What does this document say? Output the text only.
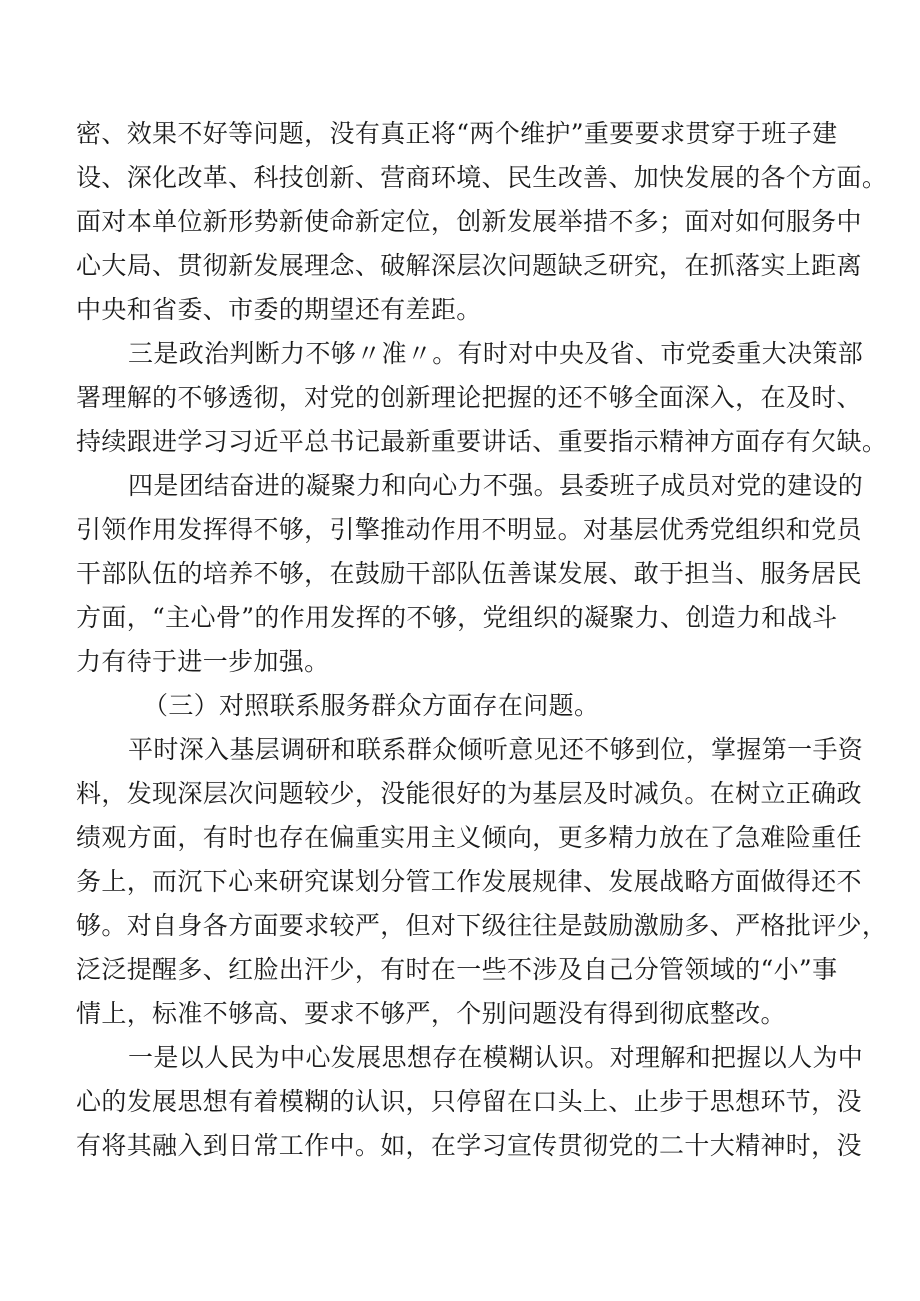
密、效果不好等问题，没有真正将“两个维护”重要要求贯穿于班子建
设、深化改革、科技创新、营商环境、民生改善、加快发展的各个方面。
面对本单位新形势新使命新定位，创新发展举措不多；面对如何服务中
心大局、贯彻新发展理念、破解深层次问题缺乏研究，在抓落实上距离
中央和省委、市委的期望还有差距。
三是政治判断力不够〃准〃。有时对中央及省、市党委重大决策部
署理解的不够透彻，对党的创新理论把握的还不够全面深入，在及时、
持续跟进学习习近平总书记最新重要讲话、重要指示精神方面存有欠缺。
四是团结奋进的凝聚力和向心力不强。县委班子成员对党的建设的
引领作用发挥得不够，引擎推动作用不明显。对基层优秀党组织和党员
干部队伍的培养不够，在鼓励干部队伍善谋发展、敢于担当、服务居民
方面，“主心骨”的作用发挥的不够，党组织的凝聚力、创造力和战斗
力有待于进一步加强。
（三）对照联系服务群众方面存在问题。
平时深入基层调研和联系群众倾听意见还不够到位，掌握第一手资
料，发现深层次问题较少，没能很好的为基层及时减负。在树立正确政
绩观方面，有时也存在偏重实用主义倾向，更多精力放在了急难险重任
务上，而沉下心来研究谋划分管工作发展规律、发展战略方面做得还不
够。对自身各方面要求较严，但对下级往往是鼓励激励多、严格批评少，
泛泛提醒多、红脸出汗少，有时在一些不涉及自己分管领域的“小”事
情上，标准不够高、要求不够严，个别问题没有得到彻底整改。
一是以人民为中心发展思想存在模糊认识。对理解和把握以人为中
心的发展思想有着模糊的认识，只停留在口头上、止步于思想环节，没
有将其融入到日常工作中。如，在学习宣传贯彻党的二十大精神时，没
